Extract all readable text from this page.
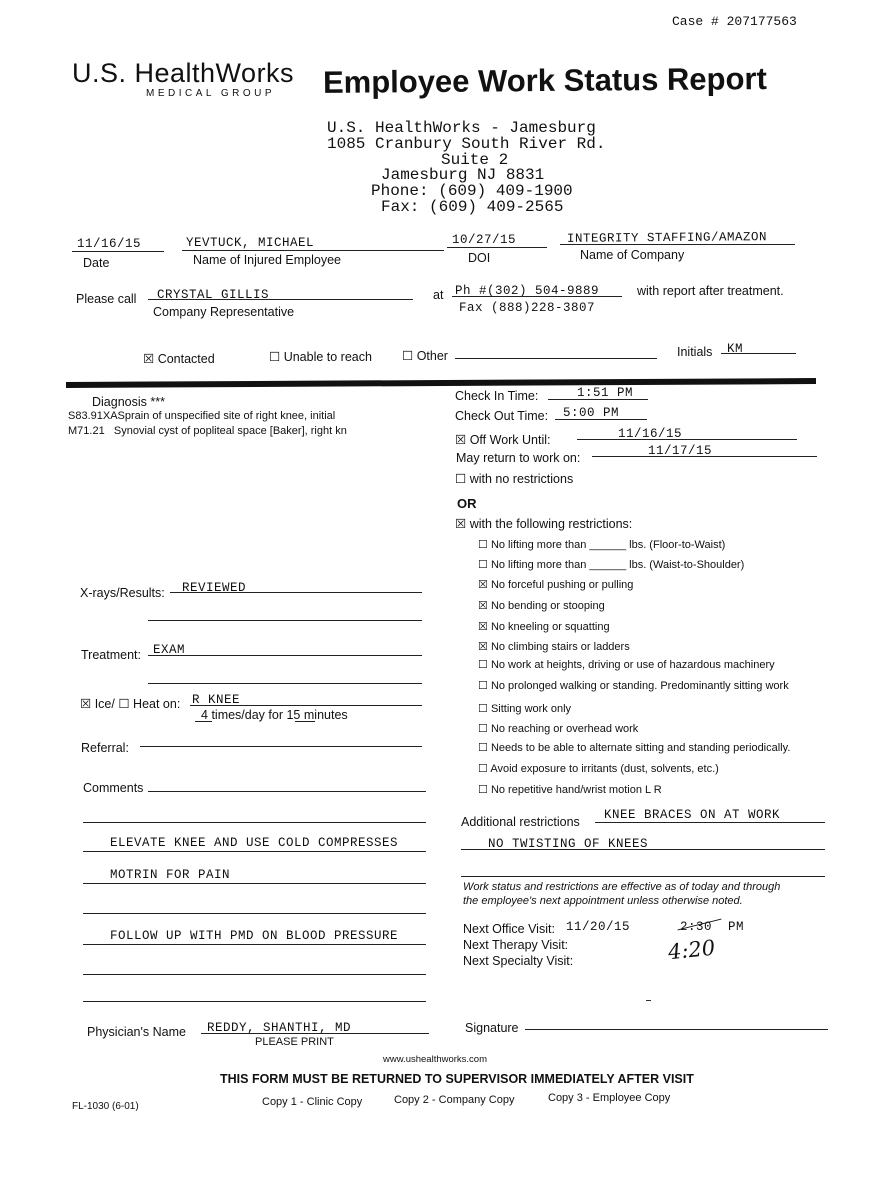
Case # 207177563
U.S. HealthWorks
MEDICAL GROUP Employee Work Status Report
U.S. HealthWorks - Jamesburg
1085 Cranbury South River Rd.
Suite 2
Jamesburg NJ 8831
Phone: (609) 409-1900
Fax: (609) 409-2565
11/16/15
Date
YEVTUCK, MICHAEL
Name of Injured Employee
10/27/15
DOI
INTEGRITY STAFFING/AMAZON
Name of Company
Please call CRYSTAL GILLIS
Company Representative
at Ph #(302) 504-9889	with report after treatment.
Fax (888)228-3807
☒ Contacted	☐ Unable to reach ☐ Other	Initials KM
Diagnosis ***
S83.91XASprain of unspecified site of right knee, initial
M71.21 Synovial cyst of popliteal space [Baker], right kn
X-rays/Results: REVIEWED
Treatment: EXAM
☒ Ice/ ☐ Heat on: R KNEE
4 times/day for 15 minutes
Referral:
Comments
ELEVATE KNEE AND USE COLD COMPRESSES
MOTRIN FOR PAIN
FOLLOW UP WITH PMD ON BLOOD PRESSURE
Physician's Name REDDY, SHANTHI, MD
PLEASE PRINT
Check In Time:	1:51 PM
Check Out Time: 5:00 PM
☒ Off Work Until:	11/16/15
May return to work on:	11/17/15
☐ with no restrictions
OR
☒ with the following restrictions:
☐ No lifting more than ______ lbs. (Floor-to-Waist)
☐ No lifting more than ______ lbs. (Waist-to-Shoulder)
☒ No forceful pushing or pulling
☒ No bending or stooping
☒ No kneeling or squatting
☒ No climbing stairs or ladders
☐ No work at heights, driving or use of hazardous machinery
☐ No prolonged walking or standing. Predominantly sitting work
☐ Sitting work only
☐ No reaching or overhead work
☐ Needs to be able to alternate sitting and standing periodically.
☐ Avoid exposure to irritants (dust, solvents, etc.)
☐ No repetitive hand/wrist motion L R
Additional restrictions KNEE BRACES ON AT WORK
NO TWISTING OF KNEES
Work status and restrictions are effective as of today and through
the employee's next appointment unless otherwise noted.
Next Office Visit: 11/20/15	2:30 PM
Next Therapy Visit:
Next Specialty Visit:	4:20
Signature
www.ushealthworks.com
THIS FORM MUST BE RETURNED TO SUPERVISOR IMMEDIATELY AFTER VISIT
FL-1030 (6-01)	Copy 1 - Clinic Copy	Copy 2 - Company Copy	Copy 3 - Employee Copy
